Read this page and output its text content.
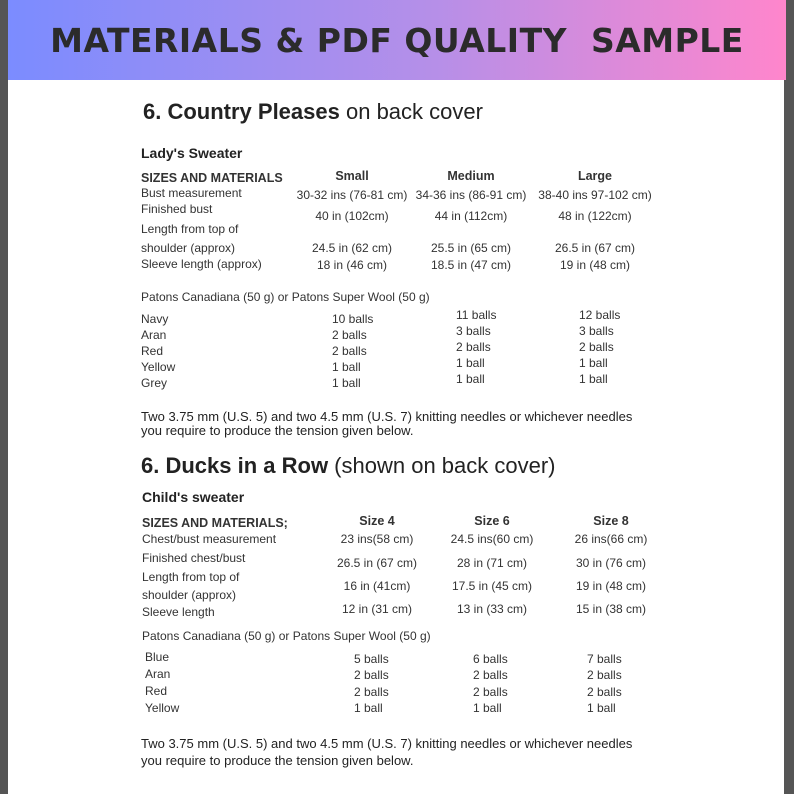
MATERIALS & PDF QUALITY  SAMPLE
6. Country Pleases on back cover
Lady's Sweater
SIZES AND MATERIALS	Small	Medium	Large
Bust measurement	30-32 ins (76-81 cm) 34-36 ins (86-91 cm) 38-40 ins 97-102 cm)
Finished bust	40 in (102cm)	44 in (112cm)	48 in (122cm)
Length from top of
shoulder (approx)	24.5 in (62 cm)	25.5 in (65 cm)	26.5 in (67 cm)
Sleeve length (approx)	18 in (46 cm)	18.5 in (47 cm)	19 in (48 cm)
Patons Canadiana (50 g) or Patons Super Wool (50 g)
Navy	10 balls	11 balls	12 balls
Aran	2 balls	3 balls	3 balls
Red	2 balls	2 balls	2 balls
Yellow	1 ball	1 ball	1 ball
Grey	1 ball	1 ball	1 ball
Two 3.75 mm (U.S. 5) and two 4.5 mm (U.S. 7) knitting needles or whichever needles
you require to produce the tension given below.
6. Ducks in a Row (shown on back cover)
Child's sweater
SIZES AND MATERIALS;	Size 4	Size 6	Size 8
Chest/bust measurement	23 ins(58 cm)	24.5 ins(60 cm)	26 ins(66 cm)
Finished chest/bust	26.5 in (67 cm)	28 in (71 cm)	30 in (76 cm)
Length from top of
shoulder (approx)
16 in (41cm)	17.5 in (45 cm)	19 in (48 cm)
Sleeve length	12 in (31 cm)	13 in (33 cm)	15 in (38 cm)
Patons Canadiana (50 g) or Patons Super Wool (50 g)
Blue	5 balls	6 balls	7 balls
Aran	2 balls	2 balls	2 balls
Red	2 balls	2 balls	2 balls
Yellow	1 ball	1 ball	1 ball
Two 3.75 mm (U.S. 5) and two 4.5 mm (U.S. 7) knitting needles or whichever needles
you require to produce the tension given below.
